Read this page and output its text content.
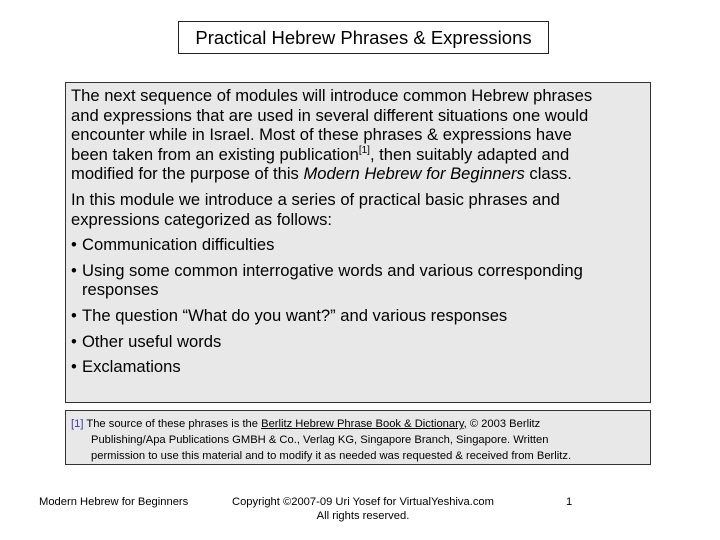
Practical Hebrew Phrases & Expressions

The next sequence of modules will introduce common Hebrew phrases
and expressions that are used in several different situations one would
encounter while in Israel. Most of these phrases & expressions have
been taken from an existing publication[1], then suitably adapted and
modified for the purpose of this Modern Hebrew for Beginners class.

In this module we introduce a series of practical basic phrases and expressions categorized as follows:

• Communication difficulties
• Using some common interrogative words and various corresponding responses
• The question “What do you want?” and various responses
• Other useful words
• Exclamations
[1] The source of these phrases is the Berlitz Hebrew Phrase Book & Dictionary, © 2003 Berlitz
Publishing/Apa Publications GMBH & Co., Verlag KG, Singapore Branch, Singapore. Written
permission to use this material and to modify it as needed was requested & received from Berlitz.
Modern Hebrew for Beginners	Copyright ©2007-09 Uri Yosef for VirtualYeshiva.com
All rights reserved.
1
